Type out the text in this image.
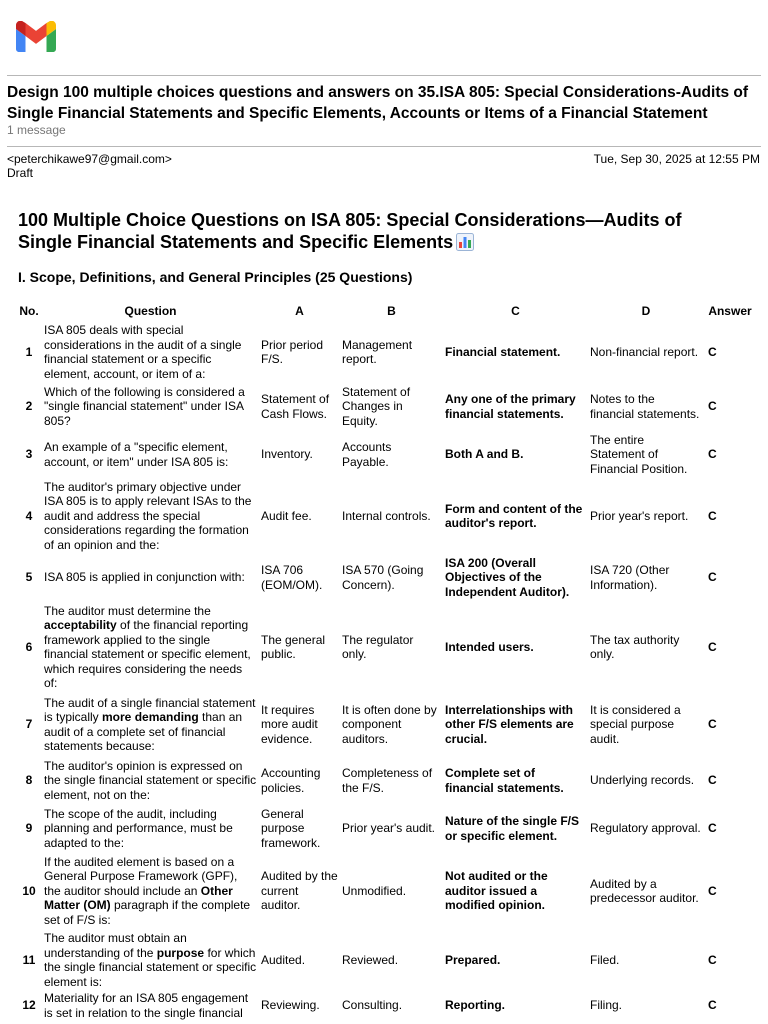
Design 100 multiple choices questions and answers on 35.ISA 805: Special Considerations-Audits of Single Financial Statements and Specific Elements, Accounts or Items of a Financial Statement
1 message
<peterchikawe97@gmail.com>
Draft
Tue, Sep 30, 2025 at 12:55 PM
100 Multiple Choice Questions on ISA 805: Special Considerations—Audits of Single Financial Statements and Specific Elements
I. Scope, Definitions, and General Principles (25 Questions)
No.	Question	A	B	C	D	Answer
1	ISA 805 deals with special considerations in the audit of a single financial statement or a specific element, account, or item of a:	Prior period F/S.	Management report.	Financial statement.	Non-financial report.	C
2	Which of the following is considered a "single financial statement" under ISA 805?	Statement of Cash Flows.	Statement of Changes in Equity.	Any one of the primary financial statements.	Notes to the financial statements.	C
3	An example of a "specific element, account, or item" under ISA 805 is:	Inventory.	Accounts Payable.	Both A and B.	The entire Statement of Financial Position.	C
4	The auditor's primary objective under ISA 805 is to apply relevant ISAs to the audit and address the special considerations regarding the formation of an opinion and the:	Audit fee.	Internal controls.	Form and content of the auditor's report.	Prior year's report.	C
5	ISA 805 is applied in conjunction with:	ISA 706 (EOM/OM).	ISA 570 (Going Concern).	ISA 200 (Overall Objectives of the Independent Auditor).	ISA 720 (Other Information).	C
6	The auditor must determine the acceptability of the financial reporting framework applied to the single financial statement or specific element, which requires considering the needs of:	The general public.	The regulator only.	Intended users.	The tax authority only.	C
7	The audit of a single financial statement is typically more demanding than an audit of a complete set of financial statements because:	It requires more audit evidence.	It is often done by component auditors.	Interrelationships with other F/S elements are crucial.	It is considered a special purpose audit.	C
8	The auditor's opinion is expressed on the single financial statement or specific element, not on the:	Accounting policies.	Completeness of the F/S.	Complete set of financial statements.	Underlying records.	C
9	The scope of the audit, including planning and performance, must be adapted to the:	General purpose framework.	Prior year's audit.	Nature of the single F/S or specific element.	Regulatory approval.	C
10	If the audited element is based on a General Purpose Framework (GPF), the auditor should include an Other Matter (OM) paragraph if the complete set of F/S is:	Audited by the current auditor.	Unmodified.	Not audited or the auditor issued a modified opinion.	Audited by a predecessor auditor.	C
11	The auditor must obtain an understanding of the purpose for which the single financial statement or specific element is:	Audited.	Reviewed.	Prepared.	Filed.	C
12	Materiality for an ISA 805 engagement is set in relation to the single financial	Reviewing.	Consulting.	Reporting.	Filing.	C
